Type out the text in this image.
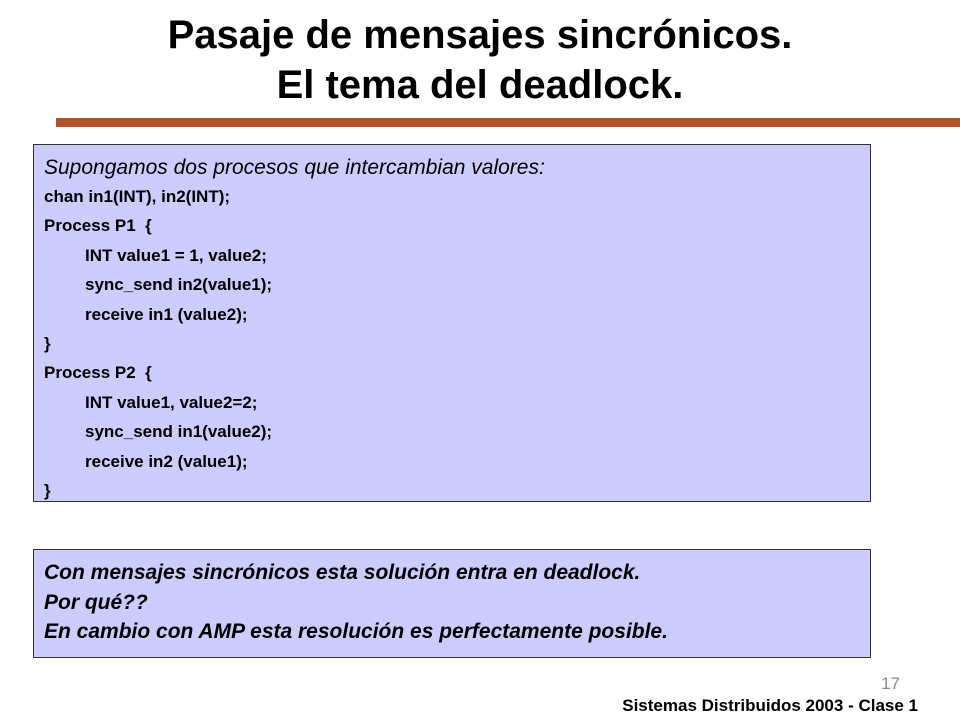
Pasaje de mensajes sincrónicos.
El tema del deadlock.
Supongamos dos procesos que intercambian valores:
chan in1(INT), in2(INT);
Process P1  {
INT value1 = 1, value2;
sync_send in2(value1);
receive in1 (value2);
}
Process P2  {
INT value1, value2=2;
sync_send in1(value2);
receive in2 (value1);
}
Con mensajes sincrónicos esta solución entra en deadlock.
Por qué??
En cambio con AMP esta resolución es perfectamente posible.
17
Sistemas Distribuidos 2003 - Clase 1
